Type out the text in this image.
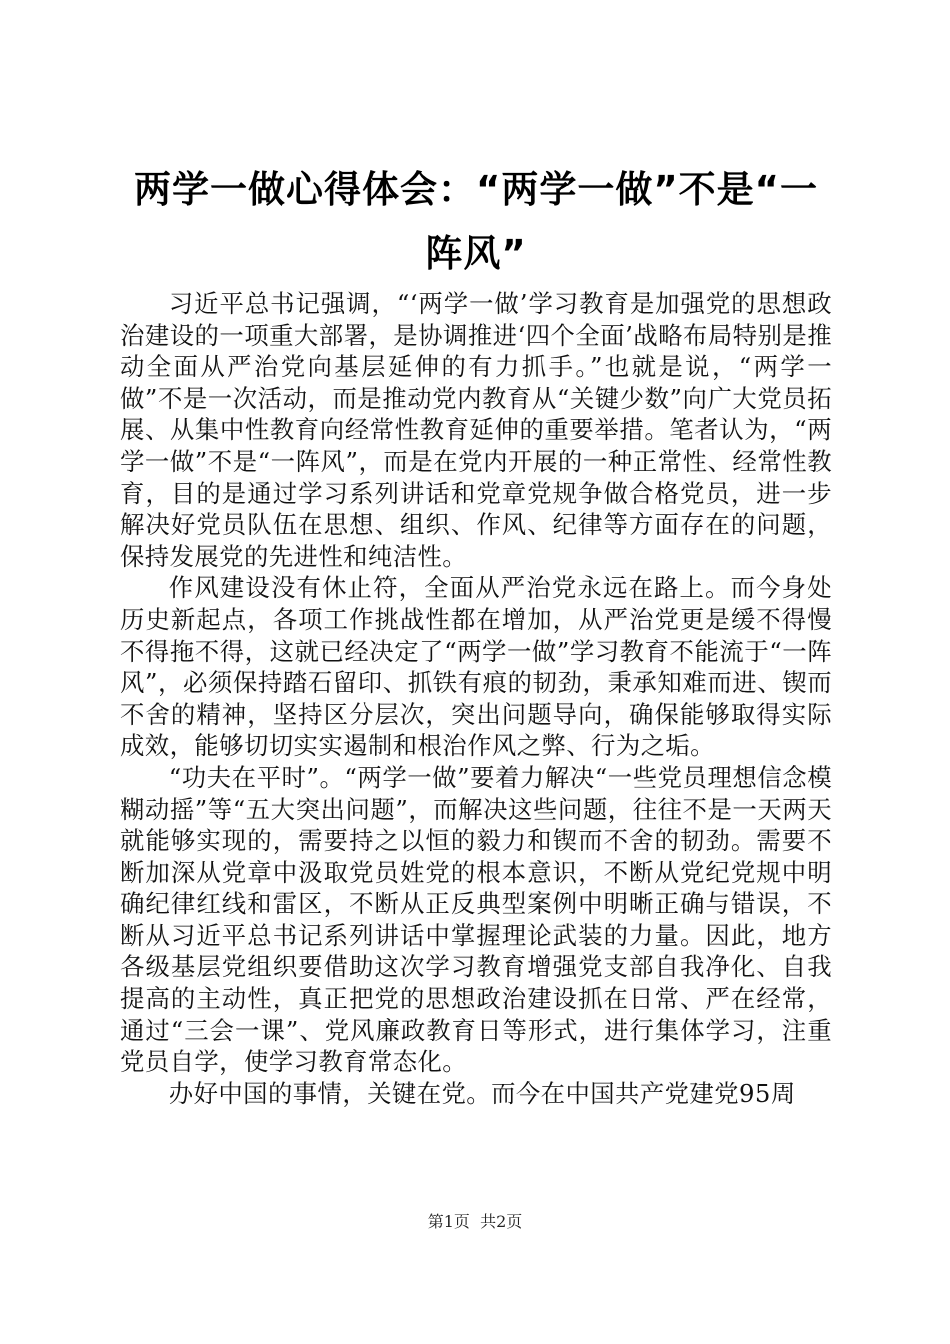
两学一做心得体会：“两学一做”不是“一阵风”

习近平总书记强调，“‘两学一做’学习教育是加强党的思想政治建设的一项重大部署，是协调推进‘四个全面’战略布局特别是推动全面从严治党向基层延伸的有力抓手。”也就是说，“两学一做”不是一次活动，而是推动党内教育从“关键少数”向广大党员拓展、从集中性教育向经常性教育延伸的重要举措。笔者认为，“两学一做”不是“一阵风”，而是在党内开展的一种正常性、经常性教育，目的是通过学习系列讲话和党章党规争做合格党员，进一步解决好党员队伍在思想、组织、作风、纪律等方面存在的问题，保持发展党的先进性和纯洁性。

作风建设没有休止符，全面从严治党永远在路上。而今身处历史新起点，各项工作挑战性都在增加，从严治党更是缓不得慢不得拖不得，这就已经决定了“两学一做”学习教育不能流于“一阵风”，必须保持踏石留印、抓铁有痕的韧劲，秉承知难而进、锲而不舍的精神，坚持区分层次，突出问题导向，确保能够取得实际成效，能够切切实实遏制和根治作风之弊、行为之垢。

“功夫在平时”。“两学一做”要着力解决“一些党员理想信念模糊动摇”等“五大突出问题”，而解决这些问题，往往不是一天两天就能够实现的，需要持之以恒的毅力和锲而不舍的韧劲。需要不断加深从党章中汲取党员姓党的根本意识，不断从党纪党规中明确纪律红线和雷区，不断从正反典型案例中明晰正确与错误，不断从习近平总书记系列讲话中掌握理论武装的力量。因此，地方各级基层党组织要借助这次学习教育增强党支部自我净化、自我提高的主动性，真正把党的思想政治建设抓在日常、严在经常，通过“三会一课”、党风廉政教育日等形式，进行集体学习，注重党员自学，使学习教育常态化。

办好中国的事情，关键在党。而今在中国共产党建党95周

第1页  共2页
